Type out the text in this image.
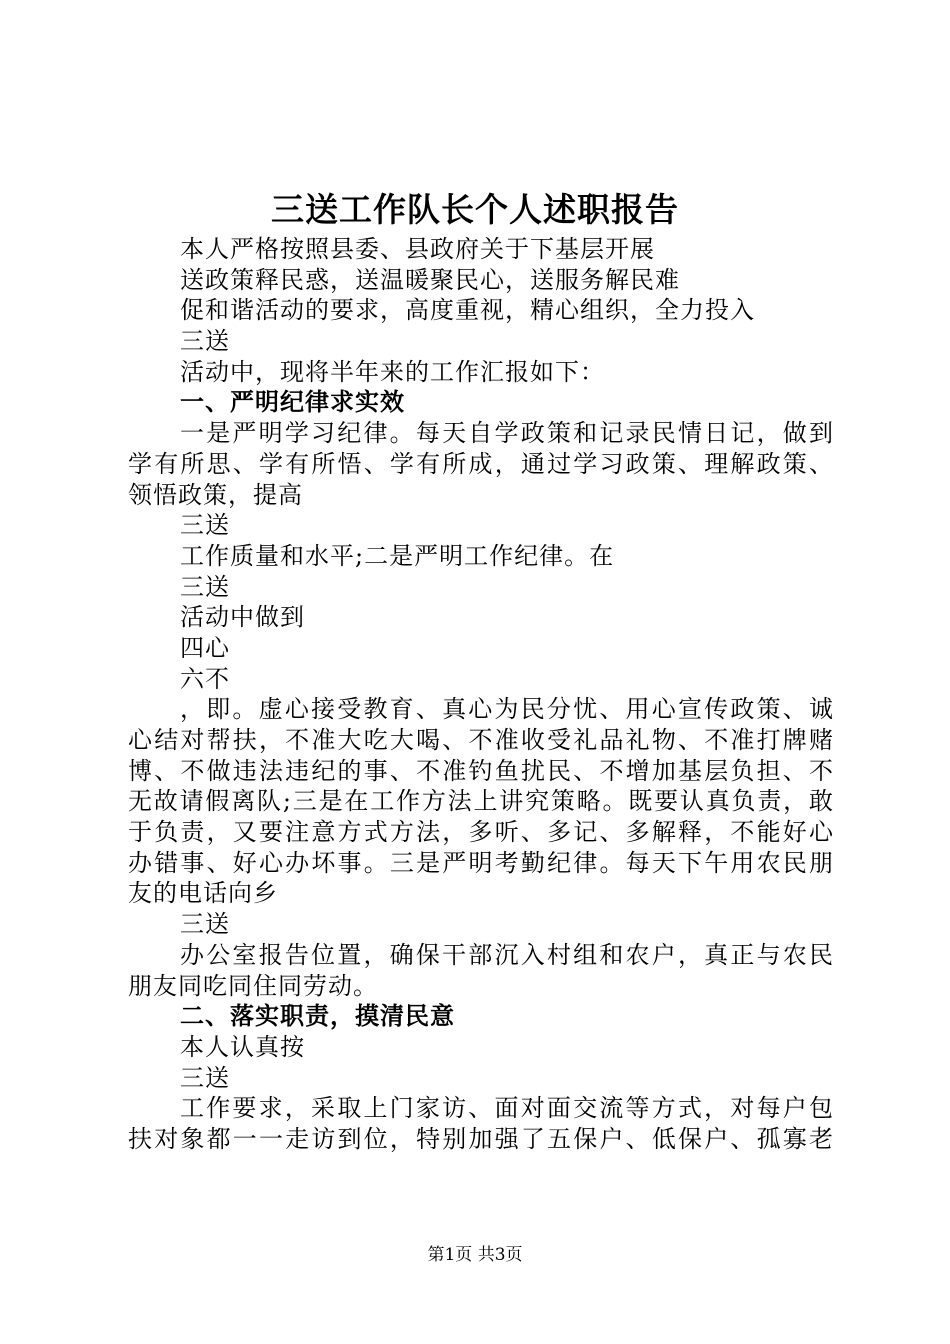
三送工作队长个人述职报告
本人严格按照县委、县政府关于下基层开展
送政策释民惑，送温暖聚民心，送服务解民难
促和谐活动的要求，高度重视，精心组织，全力投入
三送
活动中，现将半年来的工作汇报如下：
一、严明纪律求实效
一是严明学习纪律。每天自学政策和记录民情日记，做到
学有所思、学有所悟、学有所成，通过学习政策、理解政策、
领悟政策，提高
三送
工作质量和水平;二是严明工作纪律。在
三送
活动中做到
四心
六不
，即。虚心接受教育、真心为民分忧、用心宣传政策、诚
心结对帮扶，不准大吃大喝、不准收受礼品礼物、不准打牌赌
博、不做违法违纪的事、不准钓鱼扰民、不增加基层负担、不
无故请假离队;三是在工作方法上讲究策略。既要认真负责，敢
于负责，又要注意方式方法，多听、多记、多解释，不能好心
办错事、好心办坏事。三是严明考勤纪律。每天下午用农民朋
友的电话向乡
三送
办公室报告位置，确保干部沉入村组和农户，真正与农民
朋友同吃同住同劳动。
二、落实职责，摸清民意
本人认真按
三送
工作要求，采取上门家访、面对面交流等方式，对每户包
扶对象都一一走访到位，特别加强了五保户、低保户、孤寡老
第1页 共3页
